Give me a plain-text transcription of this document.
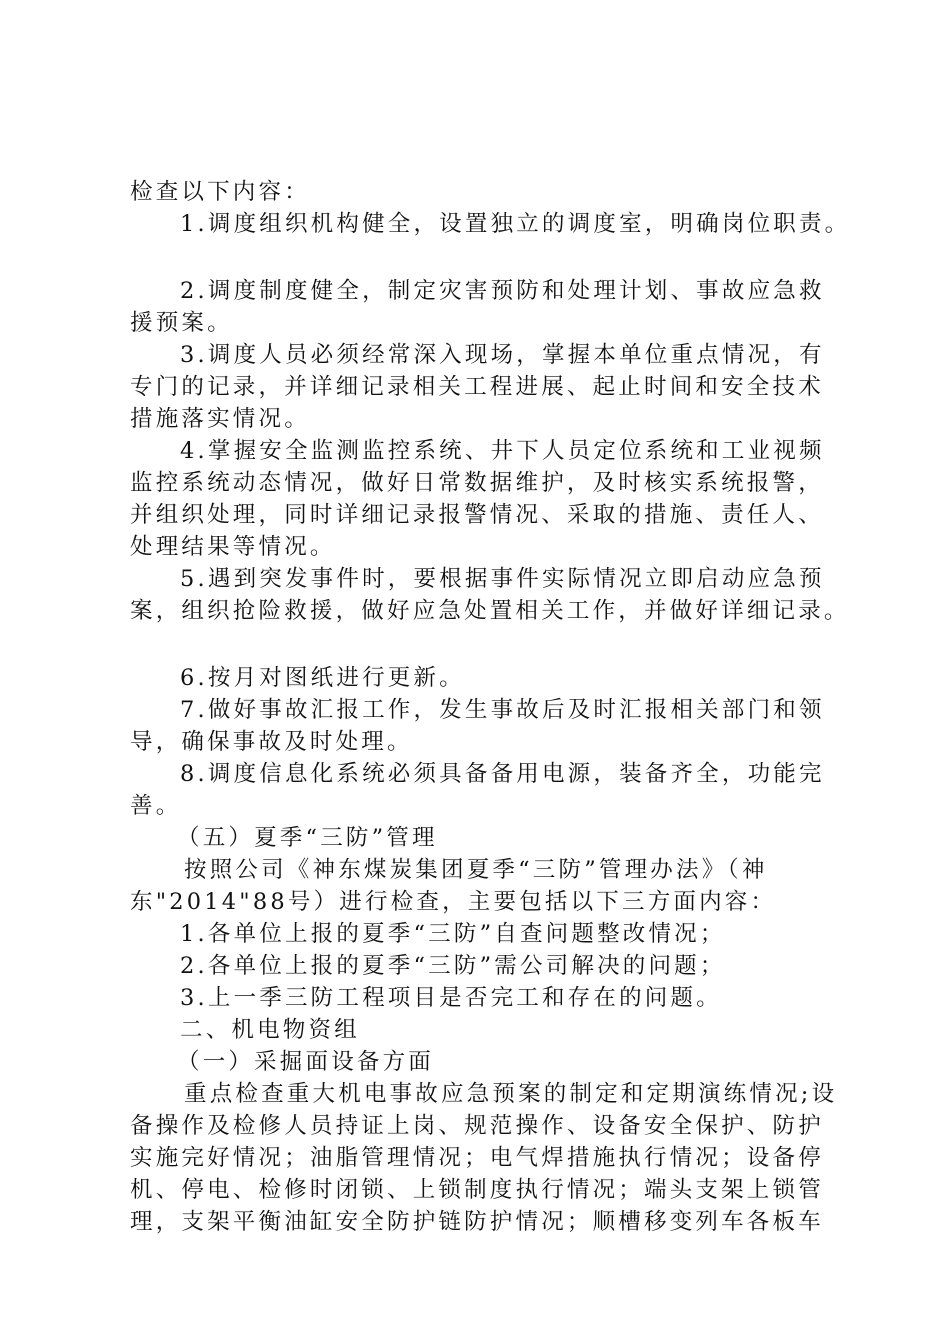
检查以下内容：
1.调度组织机构健全，设置独立的调度室，明确岗位职责。
2.调度制度健全，制定灾害预防和处理计划、事故应急救
援预案。
3.调度人员必须经常深入现场，掌握本单位重点情况，有
专门的记录，并详细记录相关工程进展、起止时间和安全技术
措施落实情况。
4.掌握安全监测监控系统、井下人员定位系统和工业视频
监控系统动态情况，做好日常数据维护，及时核实系统报警，
并组织处理，同时详细记录报警情况、采取的措施、责任人、
处理结果等情况。
5.遇到突发事件时，要根据事件实际情况立即启动应急预
案，组织抢险救援，做好应急处置相关工作，并做好详细记录。
6.按月对图纸进行更新。
7.做好事故汇报工作，发生事故后及时汇报相关部门和领
导，确保事故及时处理。
8.调度信息化系统必须具备备用电源，装备齐全，功能完
善。
（五）夏季“三防”管理
按照公司《神东煤炭集团夏季“三防”管理办法》（神
东"2014"88号）进行检查，主要包括以下三方面内容：
1.各单位上报的夏季“三防”自查问题整改情况；
2.各单位上报的夏季“三防”需公司解决的问题；
3.上一季三防工程项目是否完工和存在的问题。
二、机电物资组
（一）采掘面设备方面
重点检查重大机电事故应急预案的制定和定期演练情况;设
备操作及检修人员持证上岗、规范操作、设备安全保护、防护
实施完好情况；油脂管理情况；电气焊措施执行情况；设备停
机、停电、检修时闭锁、上锁制度执行情况；端头支架上锁管
理，支架平衡油缸安全防护链防护情况；顺槽移变列车各板车
